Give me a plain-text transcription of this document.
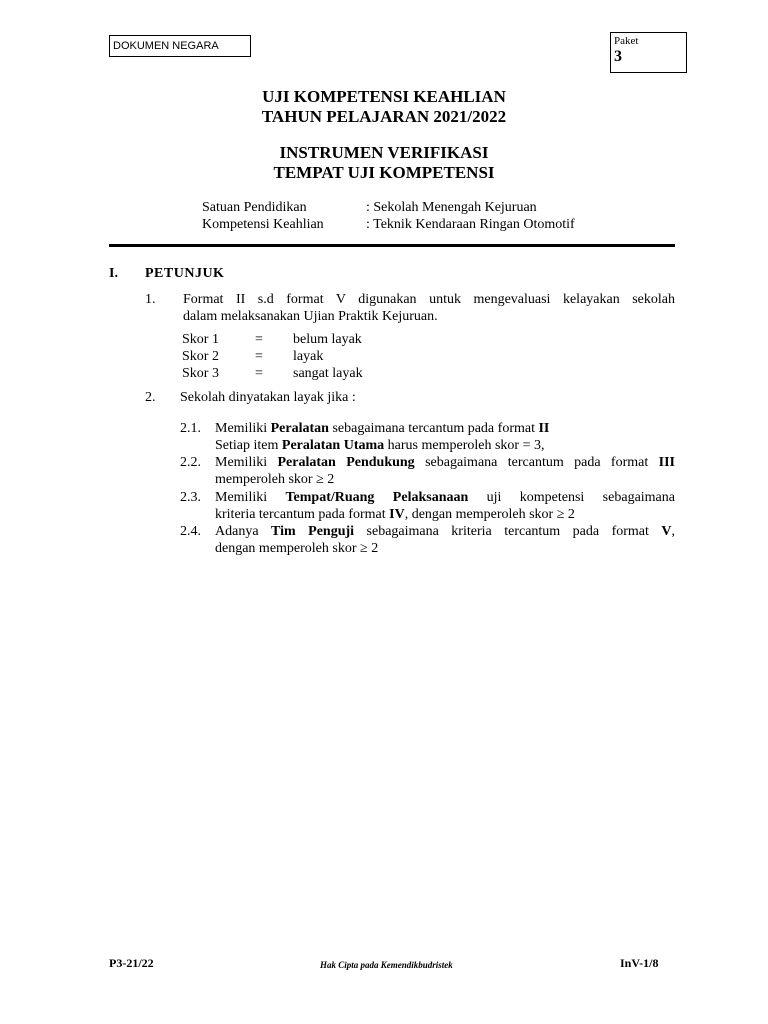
DOKUMEN NEGARA	Paket
3
UJI KOMPETENSI KEAHLIAN
TAHUN PELAJARAN 2021/2022
INSTRUMEN VERIFIKASI
TEMPAT UJI KOMPETENSI
Satuan Pendidikan	: Sekolah Menengah Kejuruan
Kompetensi Keahlian	: Teknik Kendaraan Ringan Otomotif
I. PETUNJUK
1. Format II s.d format V digunakan untuk mengevaluasi kelayakan sekolah
dalam melaksanakan Ujian Praktik Kejuruan.
Skor 1	= belum layak
Skor 2	= layak
Skor 3	= sangat layak
2. Sekolah dinyatakan layak jika :
2.1. Memiliki Peralatan sebagaimana tercantum pada format II
Setiap item Peralatan Utama harus memperoleh skor = 3,
2.2. Memiliki Peralatan Pendukung sebagaimana tercantum pada format III
memperoleh skor ≥ 2
2.3. Memiliki Tempat/Ruang Pelaksanaan uji kompetensi sebagaimana
kriteria tercantum pada format IV, dengan memperoleh skor ≥ 2
2.4. Adanya Tim Penguji sebagaimana kriteria tercantum pada format V,
dengan memperoleh skor ≥ 2
P3-21/22	Hak Cipta pada Kemendikbudristek	InV-1/8
